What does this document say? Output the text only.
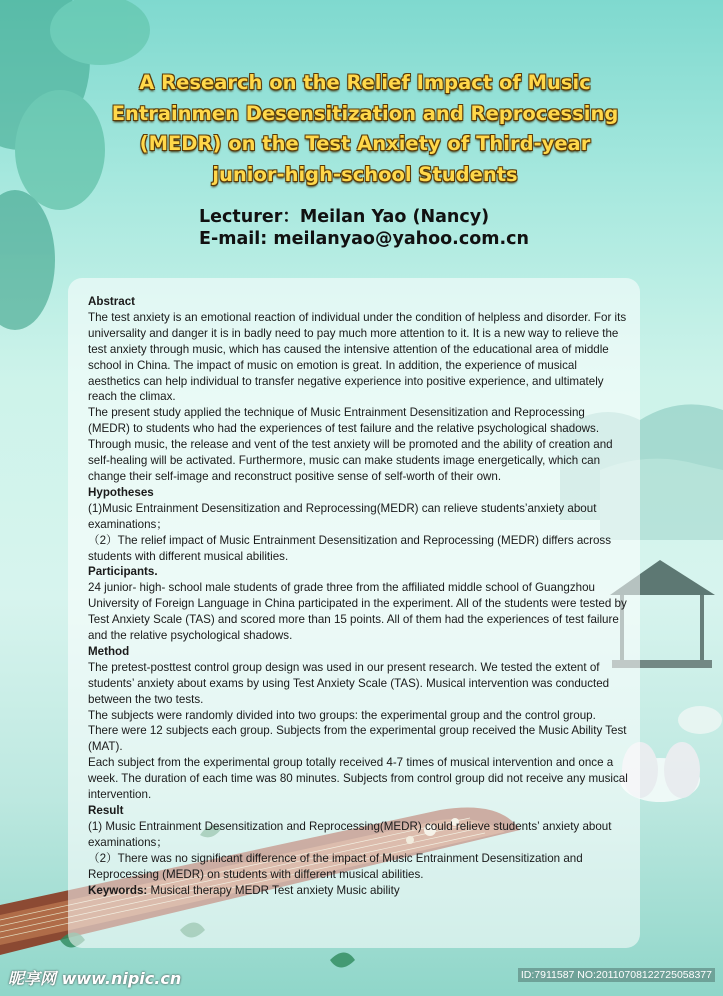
A Research on the Relief Impact of Music Entrainmen Desensitization and Reprocessing (MEDR) on the Test Anxiety of Third-year junior-high-school Students

Lecturer：Meilan Yao (Nancy)

E-mail: meilanyao@yahoo.com.cn

Abstract

The test anxiety is an emotional reaction of individual under the condition of helpless and disorder. For its universality and danger it is in badly need to pay much more attention to it. It is a new way to relieve the test anxiety through music, which has caused the intensive attention of the educational area of middle school in China. The impact of music on emotion is great. In addition, the experience of musical aesthetics can help individual to transfer negative experience into positive experience, and ultimately reach the climax.

The present study applied the technique of Music Entrainment Desensitization and Reprocessing (MEDR) to students who had the experiences of test failure and the relative psychological shadows. Through music, the release and vent of the test anxiety will be promoted and the ability of creation and self-healing will be activated. Furthermore, music can make students image energetically, which can change their self-image and reconstruct positive sense of self-worth of their own.

Hypotheses

(1)Music Entrainment Desensitization and Reprocessing(MEDR) can relieve students’anxiety about examinations；

（2）The relief impact of Music Entrainment Desensitization and Reprocessing (MEDR) differs across students with different musical abilities.

Participants.

24 junior- high- school male students of grade three from the affiliated middle school of Guangzhou University of Foreign Language in China participated in the experiment. All of the students were tested by Test Anxiety Scale (TAS) and scored more than 15 points. All of them had the experiences of test failure and the relative psychological shadows.

Method

The pretest-posttest control group design was used in our present research. We tested the extent of students’ anxiety about exams by using Test Anxiety Scale (TAS). Musical intervention was conducted between the two tests.

The subjects were randomly divided into two groups: the experimental group and the control group. There were 12 subjects each group. Subjects from the experimental group received the Music Ability Test (MAT).

Each subject from the experimental group totally received 4-7 times of musical intervention and once a week. The duration of each time was 80 minutes. Subjects from control group did not receive any musical intervention.

Result

(1) Music Entrainment Desensitization and Reprocessing(MEDR) could relieve students’ anxiety about examinations；

（2）There was no significant difference of the impact of Music Entrainment Desensitization and Reprocessing (MEDR) on students with different musical abilities.

Keywords: Musical therapy MEDR Test anxiety Music ability

昵享网 www.nipic.cn	ID:7911587 NO:20110708122725058377
